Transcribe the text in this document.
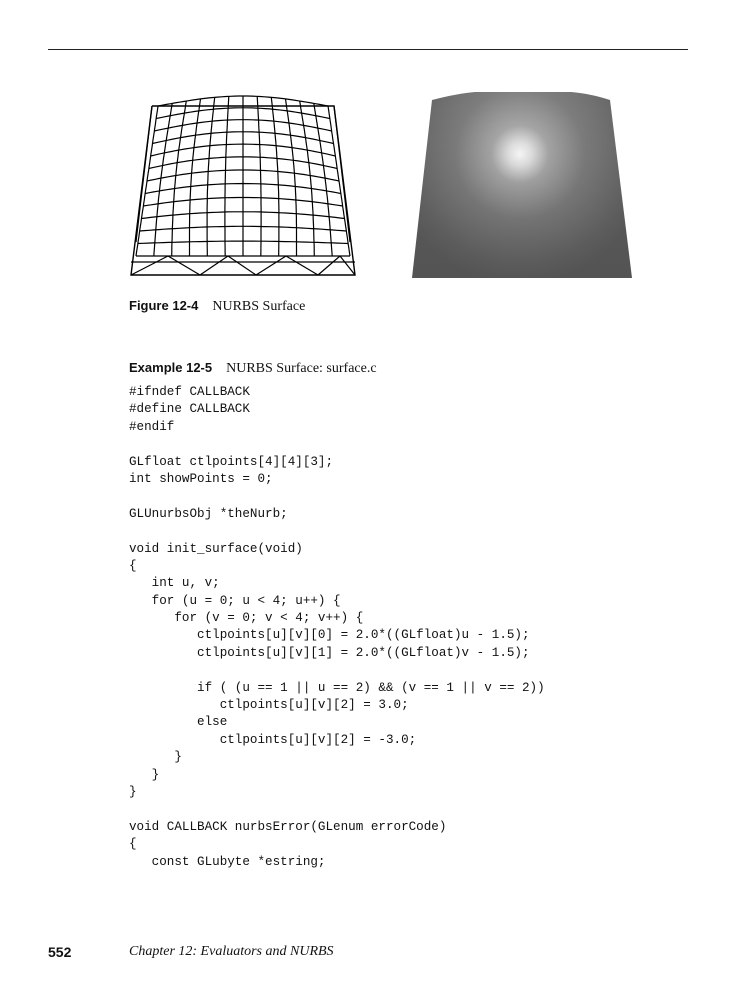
Figure 12-4 NURBS Surface
Example 12-5 NURBS Surface: surface.c
#ifndef CALLBACK
#define CALLBACK
#endif
GLfloat ctlpoints[4][4][3];
int showPoints = 0;
GLUnurbsObj *theNurb;
void init_surface(void)
{
int u, v;
for (u = 0; u < 4; u++) {
for (v = 0; v < 4; v++) {
ctlpoints[u][v][0] = 2.0*((GLfloat)u - 1.5);
ctlpoints[u][v][1] = 2.0*((GLfloat)v - 1.5);
if ( (u == 1 || u == 2) && (v == 1 || v == 2))
ctlpoints[u][v][2] = 3.0;
else
ctlpoints[u][v][2] = -3.0;
}
}
}
void CALLBACK nurbsError(GLenum errorCode)
{
const GLubyte *estring;
552	Chapter 12: Evaluators and NURBS
